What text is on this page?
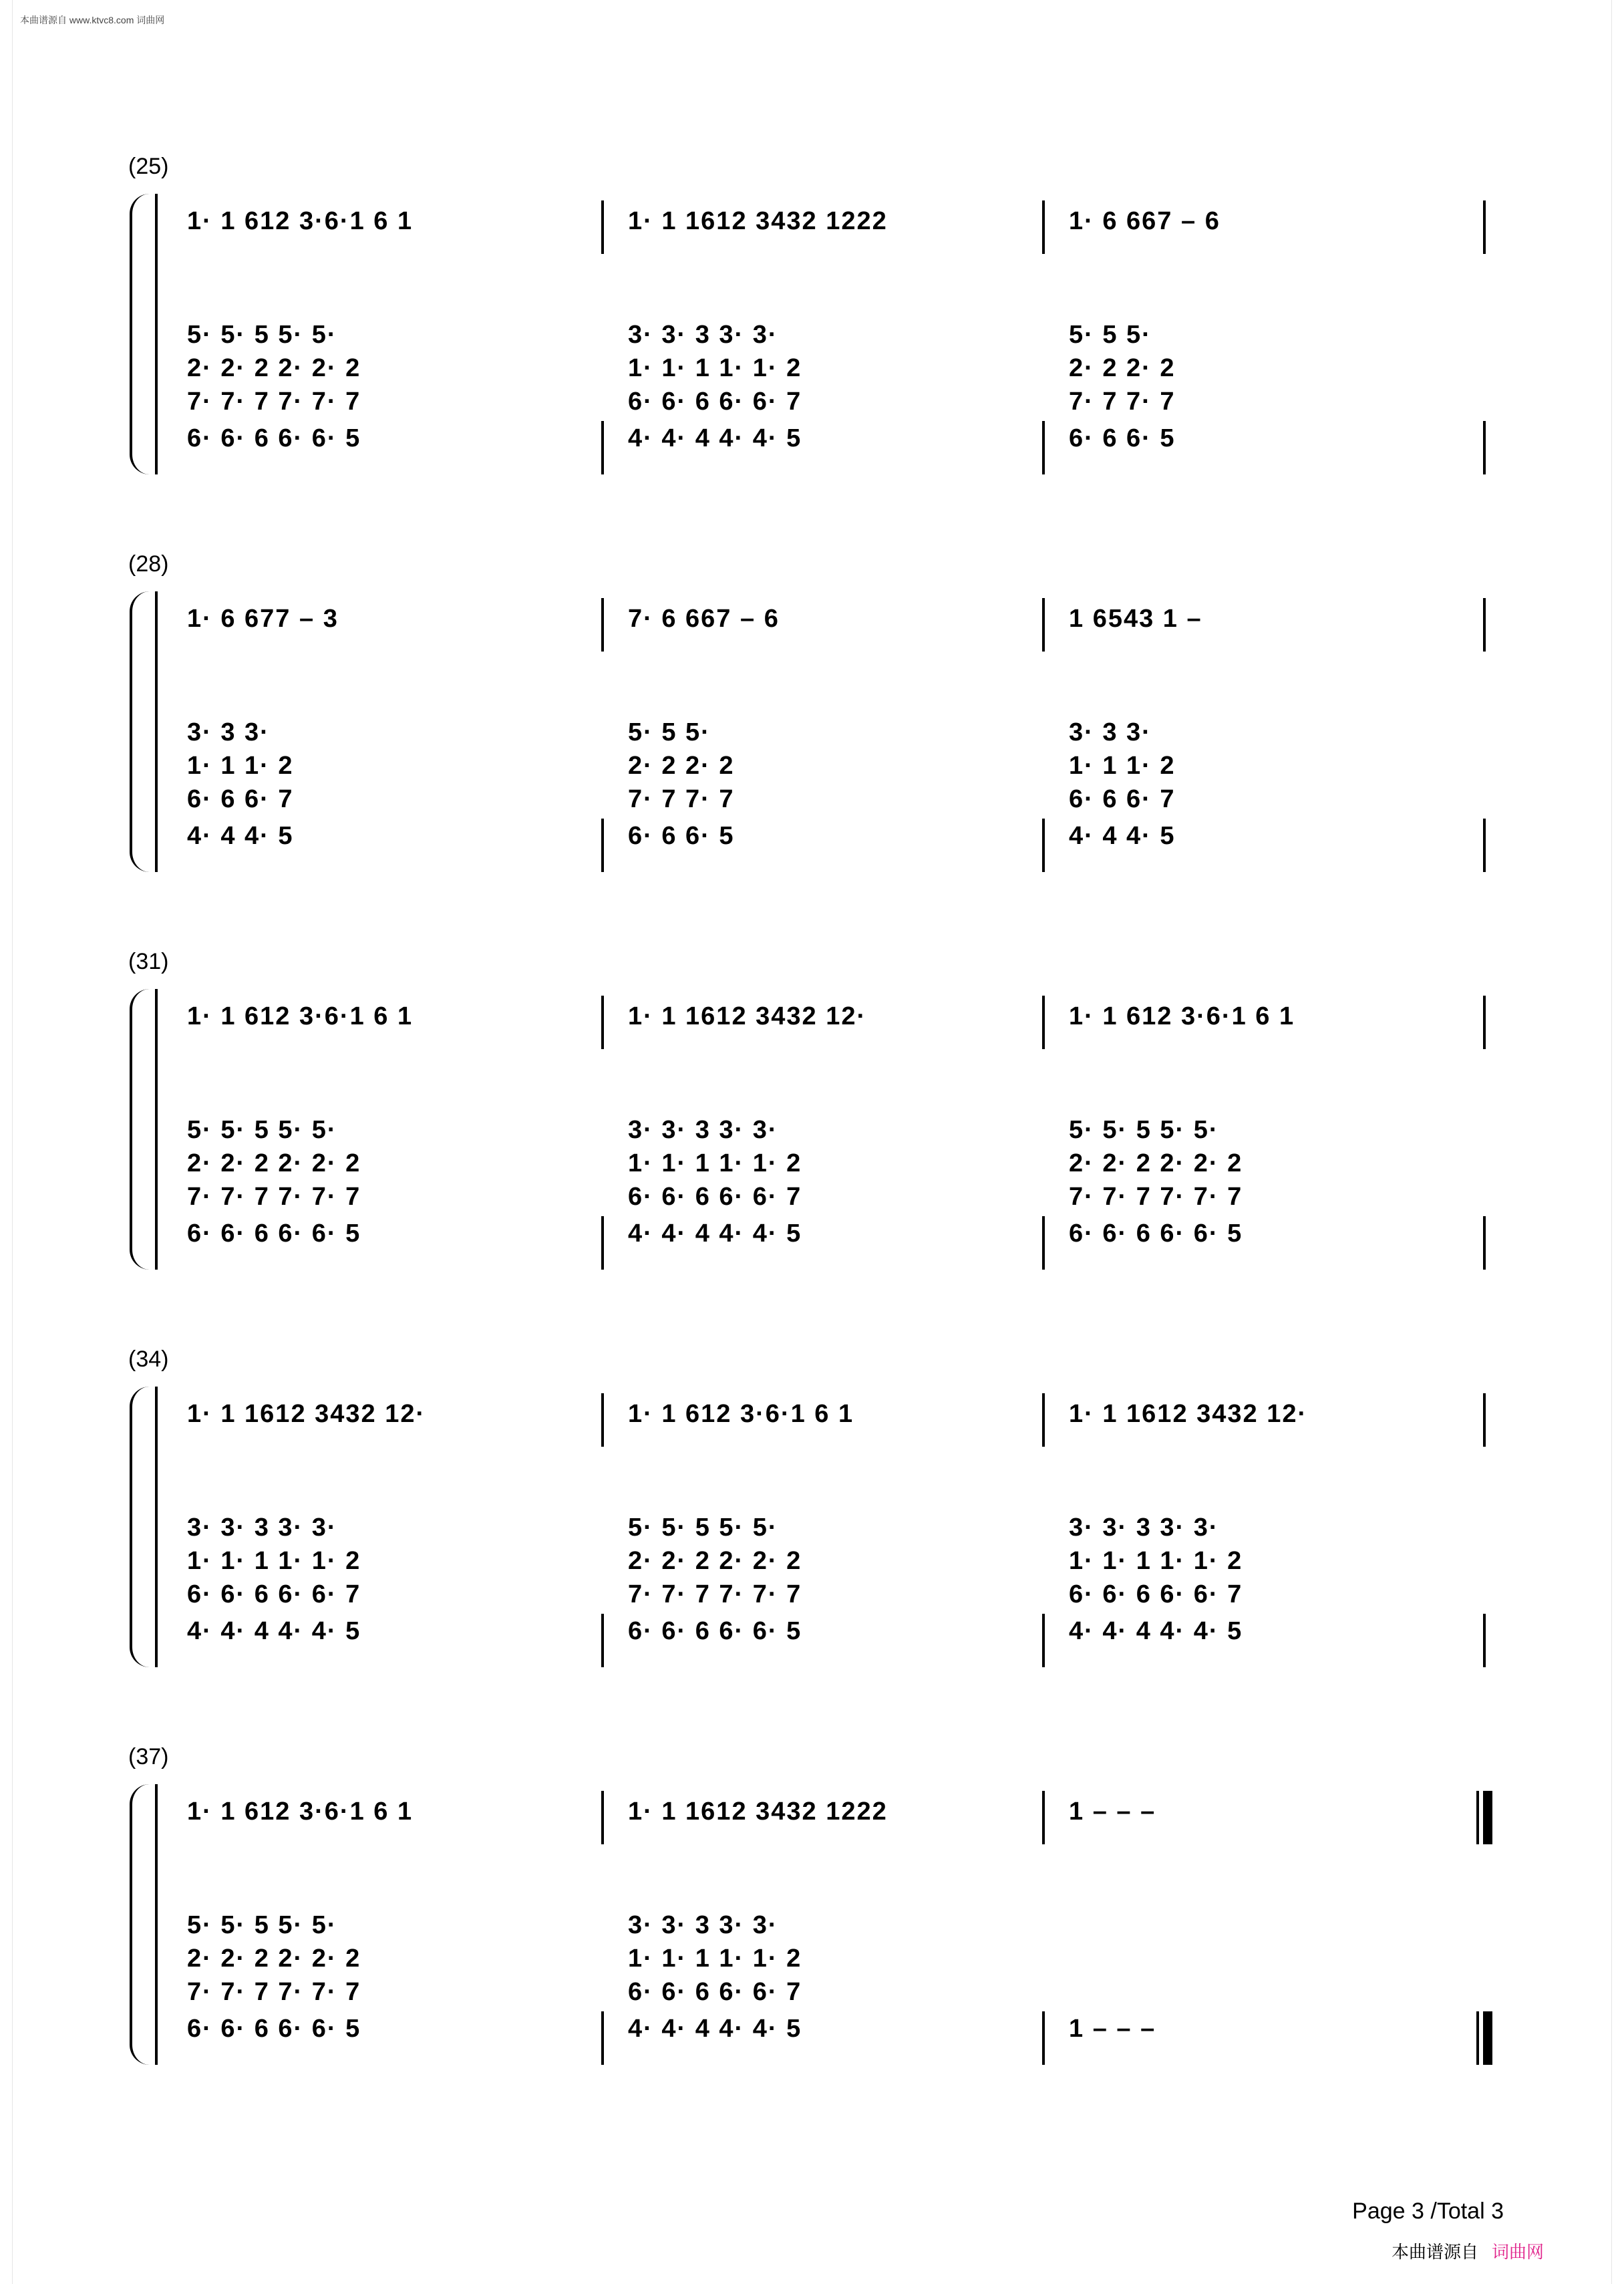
本曲谱源自 www.ktvc8.com 词曲网
(25)
1· 1 612 3·6·1 6 1	1· 1 1612 3432 1222	1· 6 667 – 6
5· 5· 5 5· 5·	3· 3· 3 3· 3·	5· 5 5·
2· 2· 2 2· 2· 2	1· 1· 1 1· 1· 2	2· 2 2· 2
7· 7· 7 7· 7· 7	6· 6· 6 6· 6· 7	7· 7 7· 7
6· 6· 6 6· 6· 5	4· 4· 4 4· 4· 5	6· 6 6· 5
(28)
1· 6 677 – 3	7· 6 667 – 6	1 6543 1 –
3· 3 3·	5· 5 5·	3· 3 3·
1· 1 1· 2	2· 2 2· 2	1· 1 1· 2
6· 6 6· 7	7· 7 7· 7	6· 6 6· 7
4· 4 4· 5	6· 6 6· 5	4· 4 4· 5
(31)
1· 1 612 3·6·1 6 1	1· 1 1612 3432 12·	1· 1 612 3·6·1 6 1
5· 5· 5 5· 5·	3· 3· 3 3· 3·	5· 5· 5 5· 5·
2· 2· 2 2· 2· 2	1· 1· 1 1· 1· 2	2· 2· 2 2· 2· 2
7· 7· 7 7· 7· 7	6· 6· 6 6· 6· 7	7· 7· 7 7· 7· 7
6· 6· 6 6· 6· 5	4· 4· 4 4· 4· 5	6· 6· 6 6· 6· 5
(34)
1· 1 1612 3432 12·	1· 1 612 3·6·1 6 1	1· 1 1612 3432 12·
3· 3· 3 3· 3·	5· 5· 5 5· 5·	3· 3· 3 3· 3·
1· 1· 1 1· 1· 2	2· 2· 2 2· 2· 2	1· 1· 1 1· 1· 2
6· 6· 6 6· 6· 7	7· 7· 7 7· 7· 7	6· 6· 6 6· 6· 7
4· 4· 4 4· 4· 5	6· 6· 6 6· 6· 5	4· 4· 4 4· 4· 5
(37)
1· 1 612 3·6·1 6 1	1· 1 1612 3432 1222	1 – – –
5· 5· 5 5· 5·	3· 3· 3 3· 3·
2· 2· 2 2· 2· 2	1· 1· 1 1· 1· 2
7· 7· 7 7· 7· 7	6· 6· 6 6· 6· 7
6· 6· 6 6· 6· 5	4· 4· 4 4· 4· 5	1 – – –
Page 3 /Total 3
本曲谱源自 词曲网
